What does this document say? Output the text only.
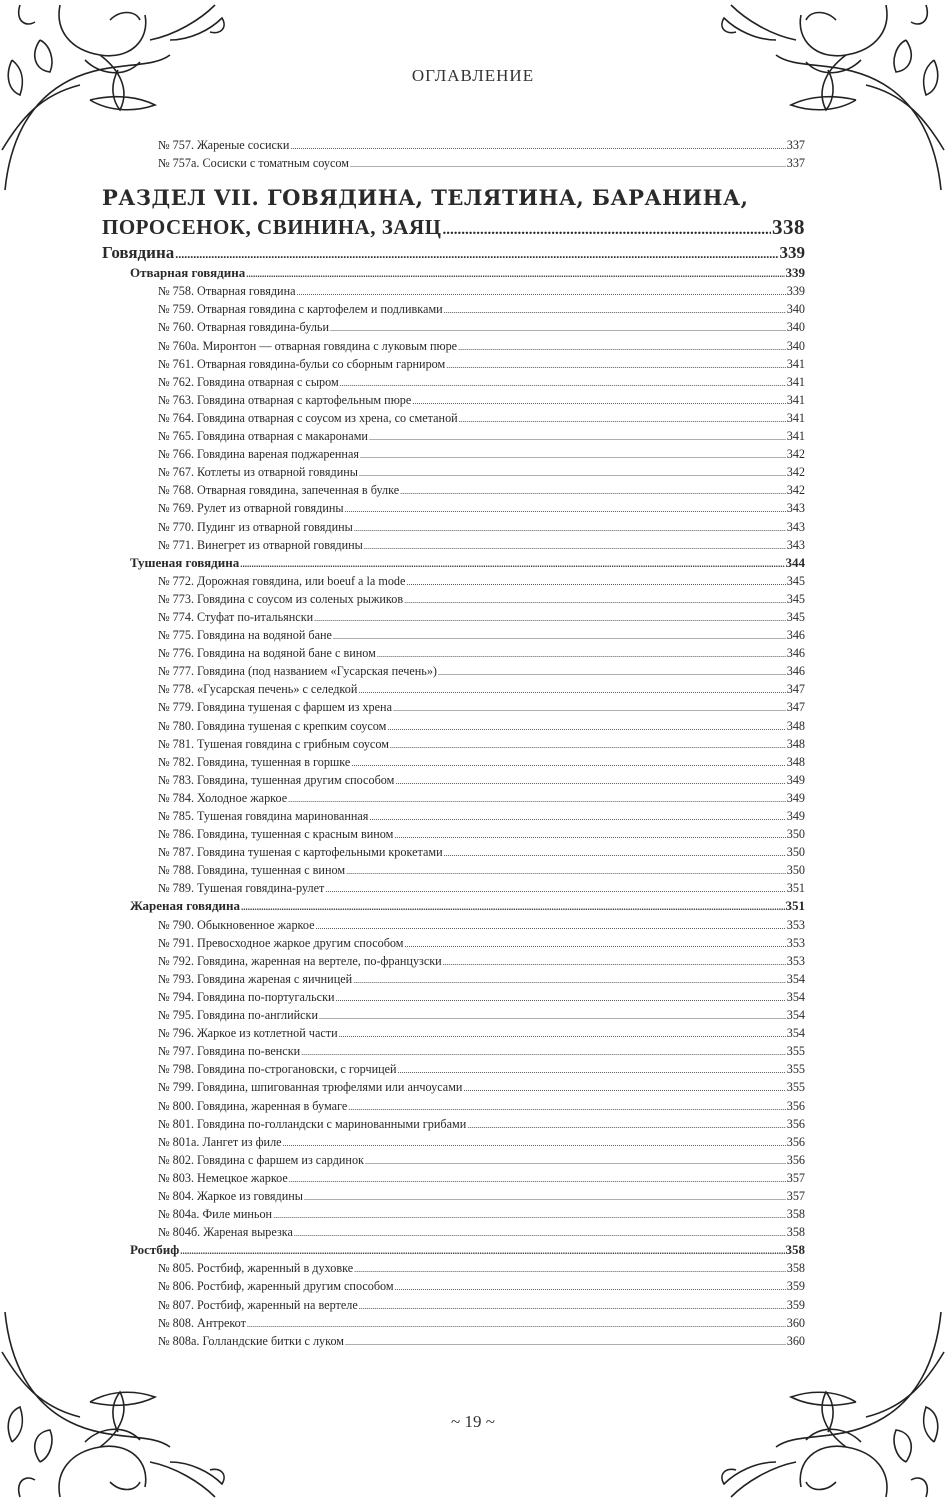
ОГЛАВЛЕНИЕ
№ 757. Жареные сосиски .....	337
№ 757а. Сосиски с томатным соусом .....	337
РАЗДЕЛ VII. ГОВЯДИНА, ТЕЛЯТИНА, БАРАНИНА,
ПОРОСЕНОК, СВИНИНА, ЗАЯЦ .....	338
Говядина .....	339
Отварная говядина .....	339
№ 758. Отварная говядина .....	339
№ 759. Отварная говядина с картофелем и подливками .....	340
№ 760. Отварная говядина-бульи .....	340
№ 760а. Миронтон — отварная говядина с луковым пюре .....	340
№ 761. Отварная говядина-бульи со сборным гарниром .....	341
№ 762. Говядина отварная с сыром .....	341
№ 763. Говядина отварная с картофельным пюре .....	341
№ 764. Говядина отварная с соусом из хрена, со сметаной .....	341
№ 765. Говядина отварная с макаронами .....	341
№ 766. Говядина вареная поджаренная .....	342
№ 767. Котлеты из отварной говядины .....	342
№ 768. Отварная говядина, запеченная в булке .....	342
№ 769. Рулет из отварной говядины .....	343
№ 770. Пудинг из отварной говядины .....	343
№ 771. Винегрет из отварной говядины .....	343
Тушеная говядина .....	344
№ 772. Дорожная говядина, или boeuf a la mode .....	345
№ 773. Говядина с соусом из соленых рыжиков .....	345
№ 774. Стуфат по-итальянски .....	345
№ 775. Говядина на водяной бане .....	346
№ 776. Говядина на водяной бане с вином .....	346
№ 777. Говядина (под названием «Гусарская печень») .....	346
№ 778. «Гусарская печень» с селедкой .....	347
№ 779. Говядина тушеная с фаршем из хрена .....	347
№ 780. Говядина тушеная с крепким соусом .....	348
№ 781. Тушеная говядина с грибным соусом .....	348
№ 782. Говядина, тушенная в горшке .....	348
№ 783. Говядина, тушенная другим способом .....	349
№ 784. Холодное жаркое .....	349
№ 785. Тушеная говядина маринованная .....	349
№ 786. Говядина, тушенная с красным вином .....	350
№ 787. Говядина тушеная с картофельными крокетами .....	350
№ 788. Говядина, тушенная с вином .....	350
№ 789. Тушеная говядина-рулет .....	351
Жареная говядина .....	351
№ 790. Обыкновенное жаркое .....	353
№ 791. Превосходное жаркое другим способом .....	353
№ 792. Говядина, жаренная на вертеле, по-французски .....	353
№ 793. Говядина жареная с яичницей .....	354
№ 794. Говядина по-португальски .....	354
№ 795. Говядина по-английски .....	354
№ 796. Жаркое из котлетной части .....	354
№ 797. Говядина по-венски .....	355
№ 798. Говядина по-строгановски, с горчицей .....	355
№ 799. Говядина, шпигованная трюфелями или анчоусами .....	355
№ 800. Говядина, жаренная в бумаге .....	356
№ 801. Говядина по-голландски с маринованными грибами .....	356
№ 801а. Лангет из филе .....	356
№ 802. Говядина с фаршем из сардинок .....	356
№ 803. Немецкое жаркое .....	357
№ 804. Жаркое из говядины .....	357
№ 804а. Филе миньон .....	358
№ 804б. Жареная вырезка .....	358
Ростбиф .....	358
№ 805. Ростбиф, жаренный в духовке .....	358
№ 806. Ростбиф, жаренный другим способом .....	359
№ 807. Ростбиф, жаренный на вертеле .....	359
№ 808. Антрекот .....	360
№ 808а. Голландские битки с луком .....	360
~ 19 ~
